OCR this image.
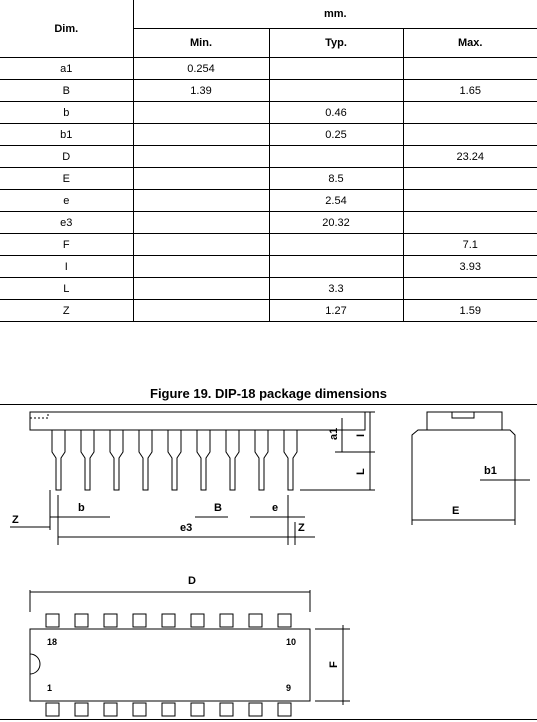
Dim.	mm.		
	Min.	Typ.	Max.
a1	0.254		
B	1.39		1.65
b		0.46	
b1		0.25	
D			23.24
E		8.5	
e		2.54	
e3		20.32	
F			7.1
I			3.93
L		3.3	
Z		1.27	1.59
Figure 19. DIP-18 package dimensions
Z
b	B	e
e3	Z
a1 I
L	b1
E
D
F
18	10
1	9
